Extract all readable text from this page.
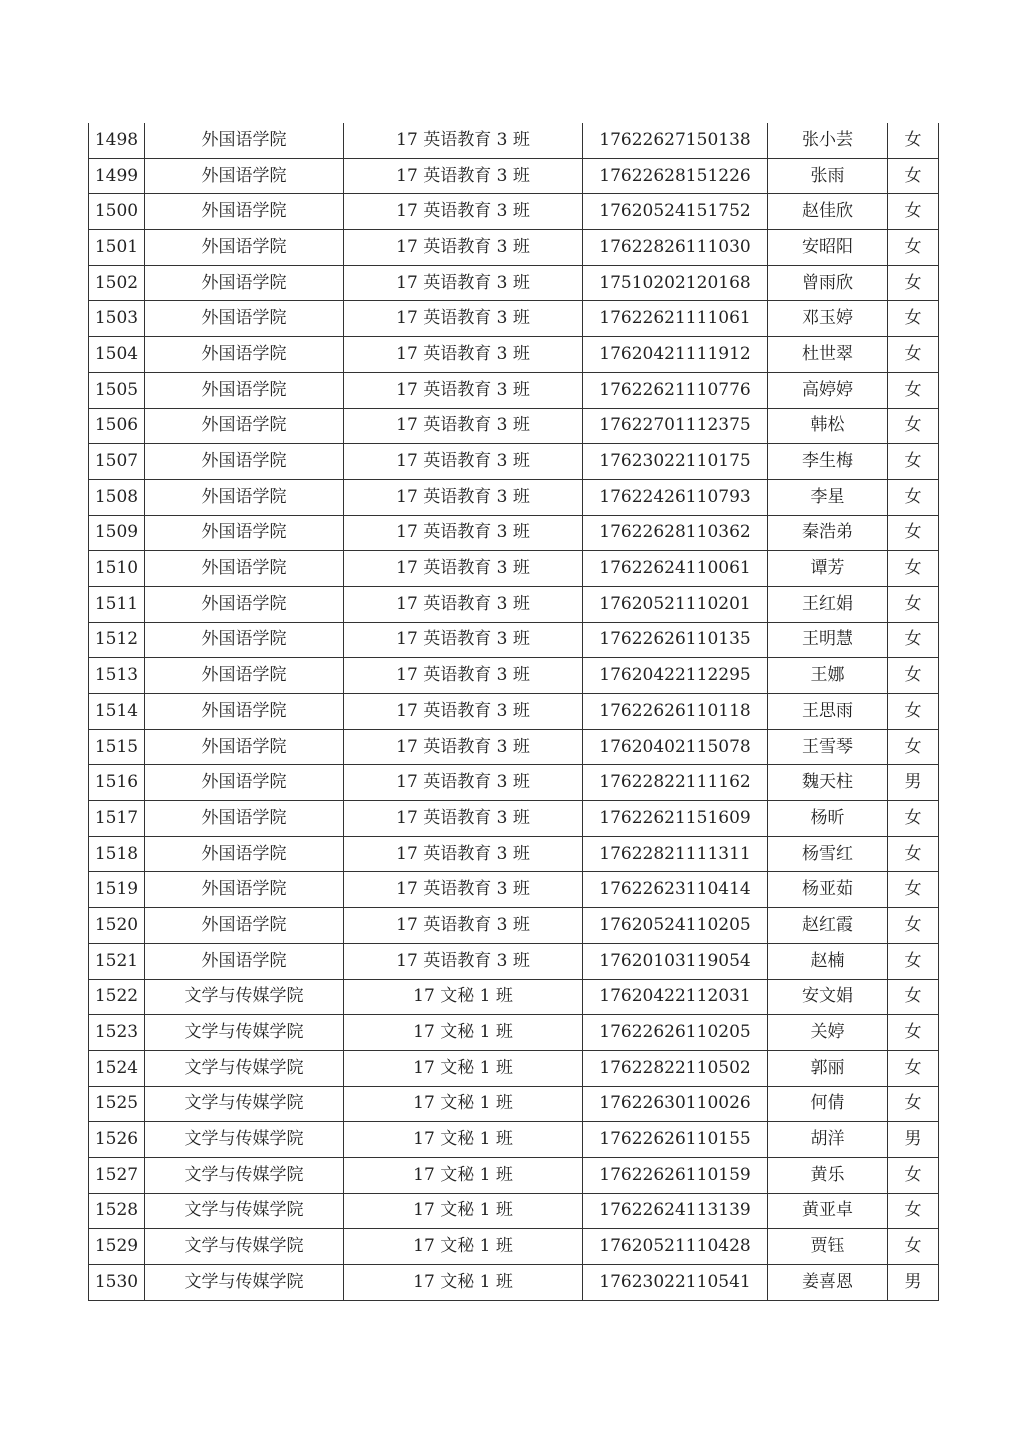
1498	外国语学院	17 英语教育 3 班	17622627150138	张小芸	女
1499	外国语学院	17 英语教育 3 班	17622628151226	张雨	女
1500	外国语学院	17 英语教育 3 班	17620524151752	赵佳欣	女
1501	外国语学院	17 英语教育 3 班	17622826111030	安昭阳	女
1502	外国语学院	17 英语教育 3 班	17510202120168	曾雨欣	女
1503	外国语学院	17 英语教育 3 班	17622621111061	邓玉婷	女
1504	外国语学院	17 英语教育 3 班	17620421111912	杜世翠	女
1505	外国语学院	17 英语教育 3 班	17622621110776	高婷婷	女
1506	外国语学院	17 英语教育 3 班	17622701112375	韩松	女
1507	外国语学院	17 英语教育 3 班	17623022110175	李生梅	女
1508	外国语学院	17 英语教育 3 班	17622426110793	李星	女
1509	外国语学院	17 英语教育 3 班	17622628110362	秦浩弟	女
1510	外国语学院	17 英语教育 3 班	17622624110061	谭芳	女
1511	外国语学院	17 英语教育 3 班	17620521110201	王红娟	女
1512	外国语学院	17 英语教育 3 班	17622626110135	王明慧	女
1513	外国语学院	17 英语教育 3 班	17620422112295	王娜	女
1514	外国语学院	17 英语教育 3 班	17622626110118	王思雨	女
1515	外国语学院	17 英语教育 3 班	17620402115078	王雪琴	女
1516	外国语学院	17 英语教育 3 班	17622822111162	魏天柱	男
1517	外国语学院	17 英语教育 3 班	17622621151609	杨昕	女
1518	外国语学院	17 英语教育 3 班	17622821111311	杨雪红	女
1519	外国语学院	17 英语教育 3 班	17622623110414	杨亚茹	女
1520	外国语学院	17 英语教育 3 班	17620524110205	赵红霞	女
1521	外国语学院	17 英语教育 3 班	17620103119054	赵楠	女
1522	文学与传媒学院	17 文秘 1 班	17620422112031	安文娟	女
1523	文学与传媒学院	17 文秘 1 班	17622626110205	关婷	女
1524	文学与传媒学院	17 文秘 1 班	17622822110502	郭丽	女
1525	文学与传媒学院	17 文秘 1 班	17622630110026	何倩	女
1526	文学与传媒学院	17 文秘 1 班	17622626110155	胡洋	男
1527	文学与传媒学院	17 文秘 1 班	17622626110159	黄乐	女
1528	文学与传媒学院	17 文秘 1 班	17622624113139	黄亚卓	女
1529	文学与传媒学院	17 文秘 1 班	17620521110428	贾钰	女
1530	文学与传媒学院	17 文秘 1 班	17623022110541	姜喜恩	男
